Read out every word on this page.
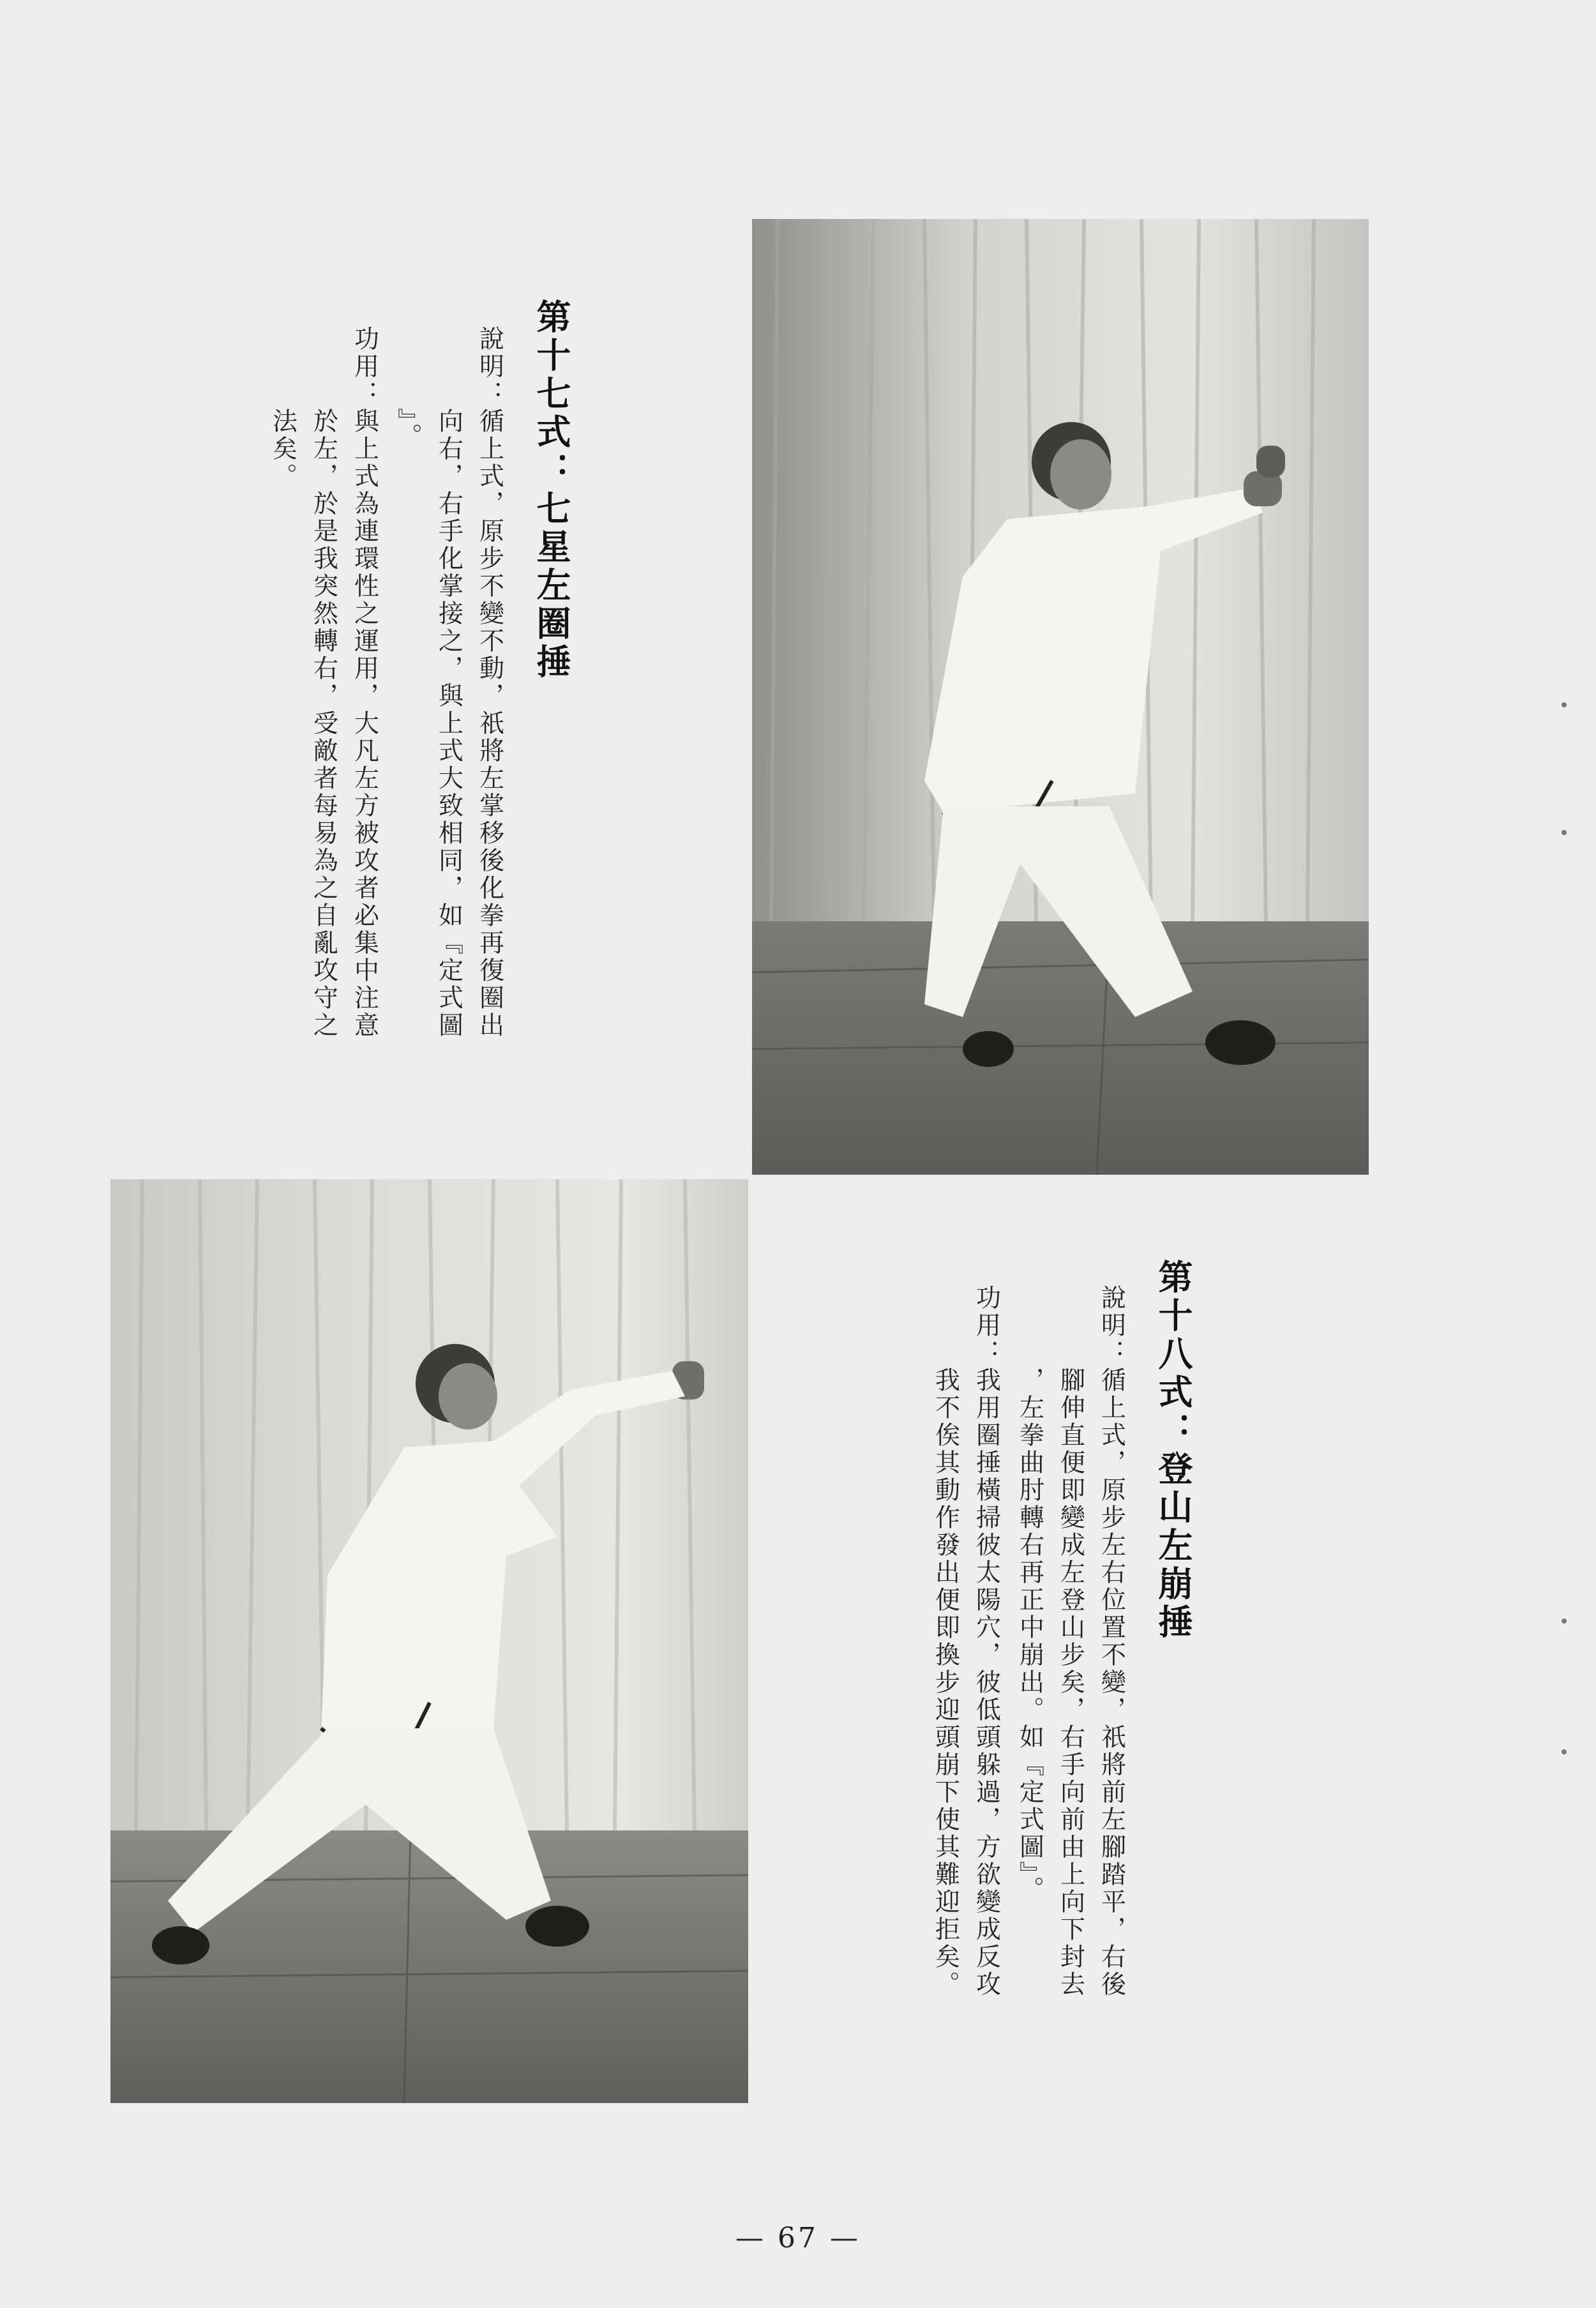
第十七式：七星左圈捶
說明：循上式，原步不變不動，祇將左掌移後化拳再復圈出
　　　向右，右手化掌接之，與上式大致相同，如『定式圖
　　　』。
功用：與上式為連環性之運用，大凡左方被攻者必集中注意
　　　於左，於是我突然轉右，受敵者每易為之自亂攻守之
　　　法矣。
第十八式：登山左崩捶
說明：循上式，原步左右位置不變，祇將前左腳踏平，右後
　　　腳伸直便即變成左登山步矣，右手向前由上向下封去
　　　，左拳曲肘轉右再正中崩出。如『定式圖』。
功用：我用圈捶橫掃彼太陽穴，彼低頭躲過，方欲變成反攻
　　　我不俟其動作發出便即換步迎頭崩下使其難迎拒矣。
— 67 —
